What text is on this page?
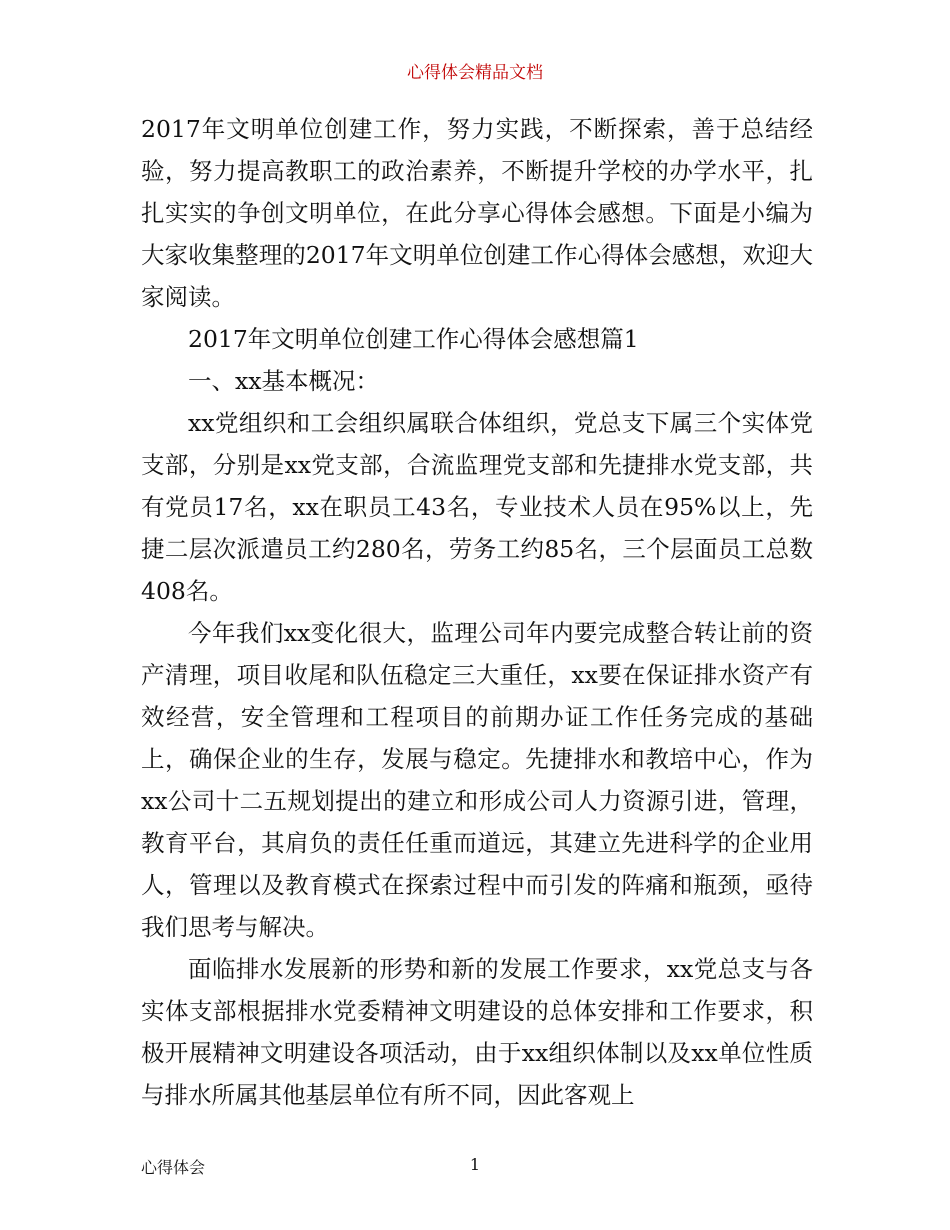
心得体会精品文档

2017年文明单位创建工作，努力实践，不断探索，善于总结经验，努力提高教职工的政治素养，不断提升学校的办学水平，扎扎实实的争创文明单位，在此分享心得体会感想。下面是小编为大家收集整理的2017年文明单位创建工作心得体会感想，欢迎大家阅读。

2017年文明单位创建工作心得体会感想篇1

一、xx基本概况：

xx党组织和工会组织属联合体组织，党总支下属三个实体党支部，分别是xx党支部，合流监理党支部和先捷排水党支部，共有党员17名，xx在职员工43名，专业技术人员在95%以上，先捷二层次派遣员工约280名，劳务工约85名，三个层面员工总数408名。

今年我们xx变化很大，监理公司年内要完成整合转让前的资产清理，项目收尾和队伍稳定三大重任，xx要在保证排水资产有效经营，安全管理和工程项目的前期办证工作任务完成的基础上，确保企业的生存，发展与稳定。先捷排水和教培中心，作为xx公司十二五规划提出的建立和形成公司人力资源引进，管理，教育平台，其肩负的责任任重而道远，其建立先进科学的企业用人，管理以及教育模式在探索过程中而引发的阵痛和瓶颈，亟待我们思考与解决。

面临排水发展新的形势和新的发展工作要求，xx党总支与各实体支部根据排水党委精神文明建设的总体安排和工作要求，积极开展精神文明建设各项活动，由于xx组织体制以及xx单位性质与排水所属其他基层单位有所不同，因此客观上

心得体会	1
